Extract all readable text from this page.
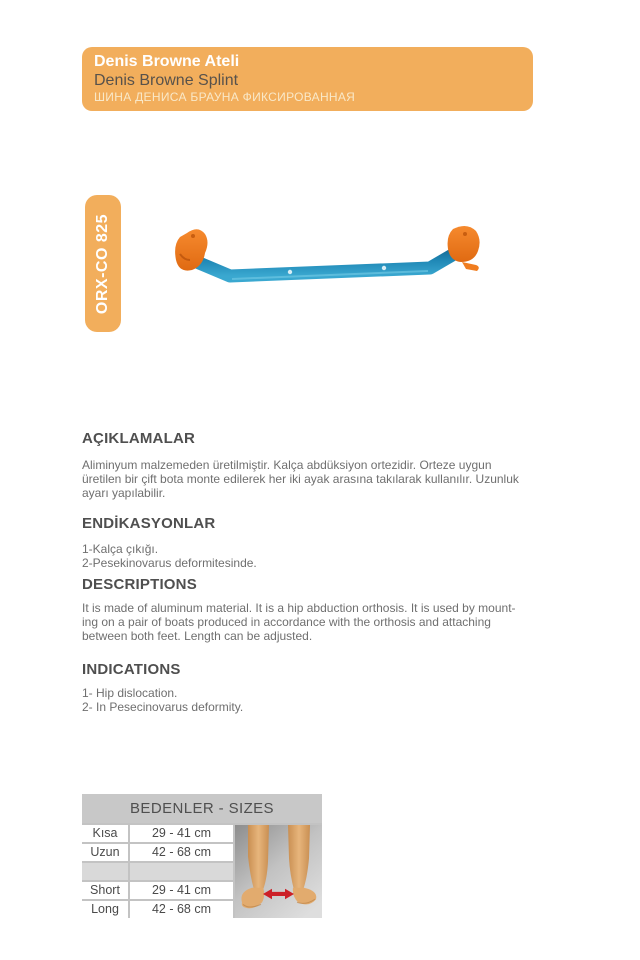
Denis Browne Ateli
Denis Browne Splint
ШИНА ДЕНИСА БРАУНА ФИКСИРОВАННАЯ
ORX-CO 825
AÇIKLAMALAR
Aliminyum malzemeden üretilmiştir. Kalça abdüksiyon ortezidir. Orteze uygun
üretilen bir çift bota monte edilerek her iki ayak arasına takılarak kullanılır. Uzunluk
ayarı yapılabilir.
ENDİKASYONLAR
1-Kalça çıkığı.
2-Pesekinovarus deformitesinde.
DESCRIPTIONS
It is made of aluminum material. It is a hip abduction orthosis. It is used by mount-
ing on a pair of boats produced in accordance with the orthosis and attaching
between both feet. Length can be adjusted.
INDICATIONS
1- Hip dislocation.
2- In Pesecinovarus deformity.
BEDENLER - SIZES
Kısa	29 - 41 cm
Uzun	42 - 68 cm
Short	29 - 41 cm
Long	42 - 68 cm
